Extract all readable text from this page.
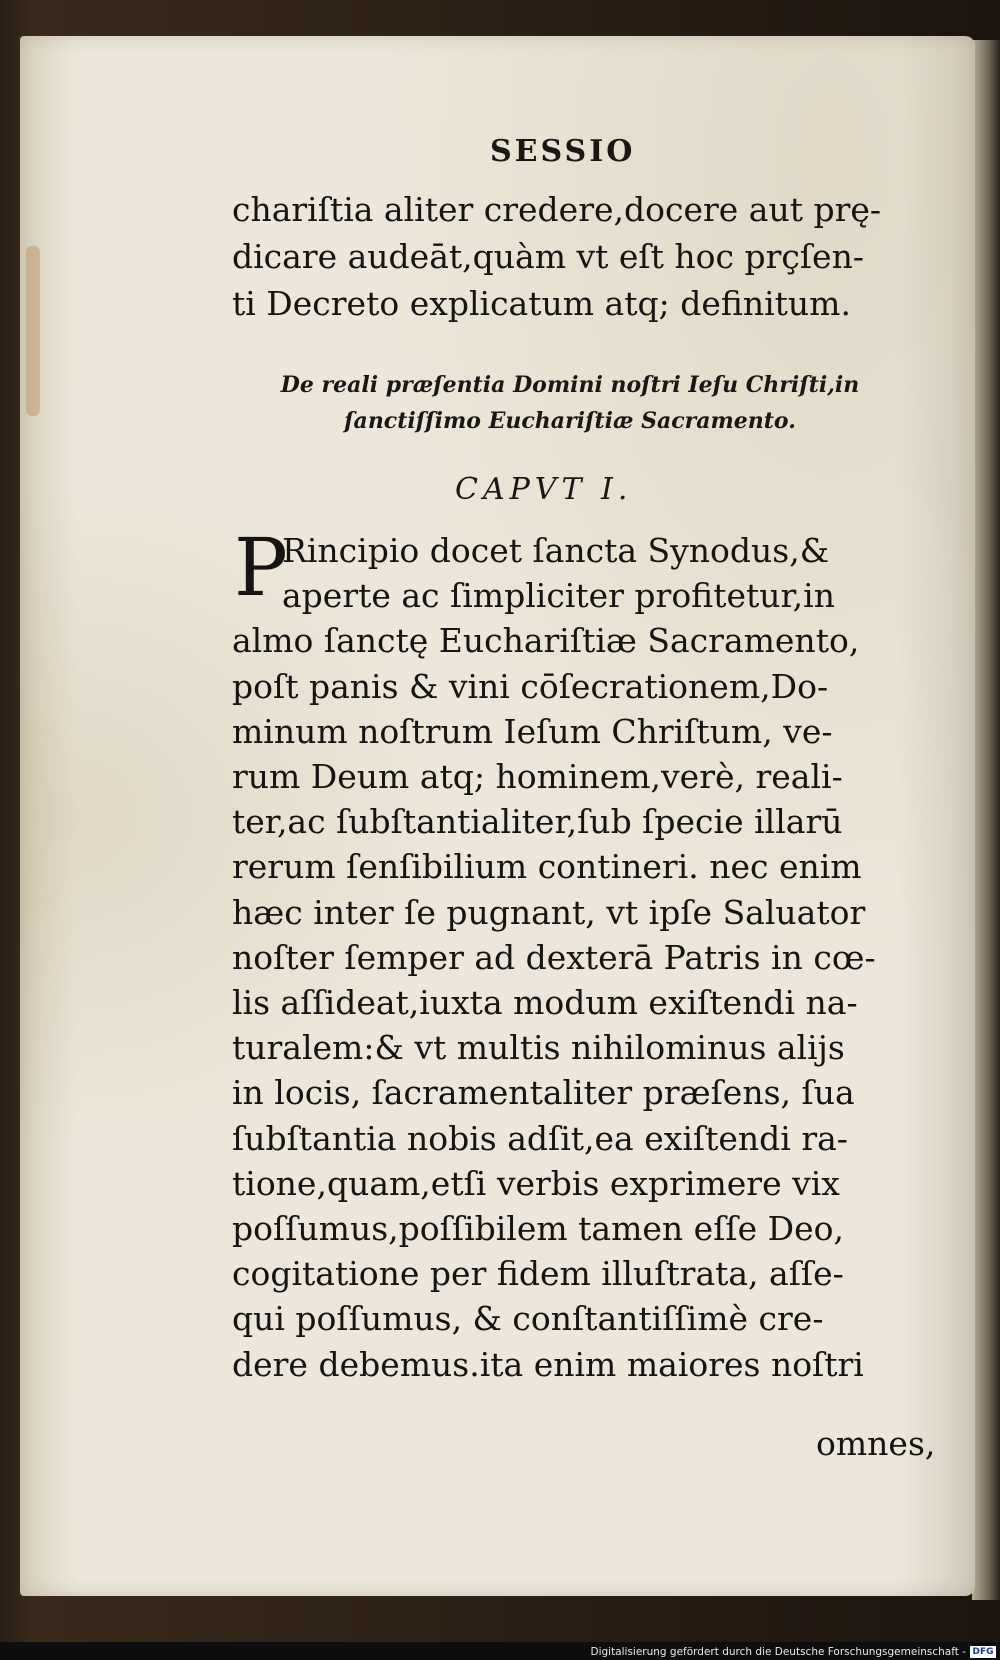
SESSIO
chariſtia aliter credere,docere aut prę-
dicare audeāt,quàm vt eſt hoc prçſen-
ti Decreto explicatum atq; definitum.
De reali præſentia Domini noſtri Ieſu Chriſti,in
ſanctiſſimo Euchariſtiæ Sacramento.
CAPVT I.
P
Rincipio docet ſancta Synodus,&
aperte ac ſimpliciter profitetur,in
almo ſanctę Euchariſtiæ Sacramento,
poſt panis & vini cōſecrationem,Do-
minum noſtrum Ieſum Chriſtum, ve-
rum Deum atq; hominem,verè, reali-
ter,ac ſubſtantialiter,ſub ſpecie illarū
rerum ſenſibilium contineri. nec enim
hæc inter ſe pugnant, vt ipſe Saluator
noſter ſemper ad dexterā Patris in cœ-
lis aſſideat,iuxta modum exiſtendi na-
turalem:& vt multis nihilominus alijs
in locis, ſacramentaliter præſens, ſua
ſubſtantia nobis adſit,ea exiſtendi ra-
tione,quam,etſi verbis exprimere vix
poſſumus,poſſibilem tamen eſſe Deo,
cogitatione per fidem illuſtrata, aſſe-
qui poſſumus, & conſtantiſſimè cre-
dere debemus.ita enim maiores noſtri
omnes,
Digitalisierung gefördert durch die Deutsche Forschungsgemeinschaft - DFG
